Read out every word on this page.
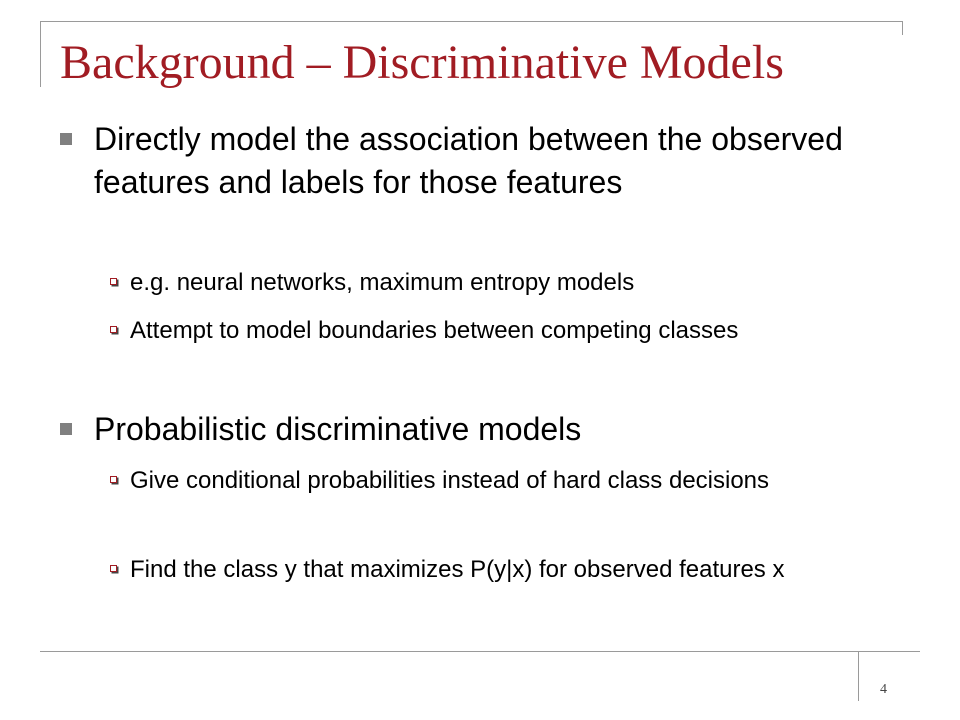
Background – Discriminative Models
Directly model the association between the observed features and labels for those features
e.g. neural networks, maximum entropy models
Attempt to model boundaries between competing classes
Probabilistic discriminative models
Give conditional probabilities instead of hard class decisions
Find the class y that maximizes P(y|x) for observed features x
4
